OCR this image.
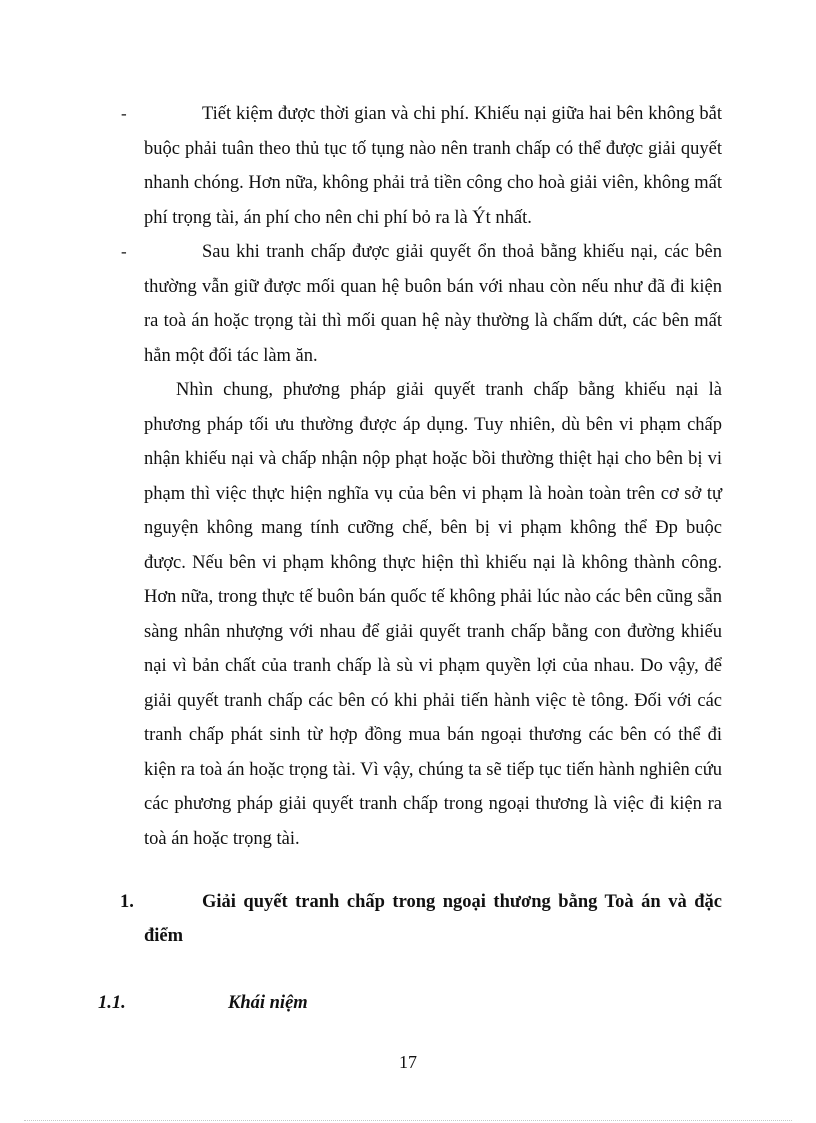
-	Tiết kiệm được thời gian và chi phí. Khiếu nại giữa hai bên không bắt buộc phải tuân theo thủ tục tố tụng nào nên tranh chấp có thể được giải quyết nhanh chóng. Hơn nữa, không phải trả tiền công cho hoà giải viên, không mất phí trọng tài, án phí cho nên chi phí bỏ ra là Ýt nhất.

-	Sau khi tranh chấp được giải quyết ổn thoả bằng khiếu nại, các bên thường vẫn giữ được mối quan hệ buôn bán với nhau còn nếu như đã đi kiện ra toà án hoặc trọng tài thì mối quan hệ này thường là chấm dứt, các bên mất hẳn một đối tác làm ăn.

Nhìn chung, phương pháp giải quyết tranh chấp bằng khiếu nại là phương pháp tối ưu thường được áp dụng. Tuy nhiên, dù bên vi phạm chấp nhận khiếu nại và chấp nhận nộp phạt hoặc bồi thường thiệt hại cho bên bị vi phạm thì việc thực hiện nghĩa vụ của bên vi phạm là hoàn toàn trên cơ sở tự nguyện không mang tính cưỡng chế, bên bị vi phạm không thể Ðp buộc được. Nếu bên vi phạm không thực hiện thì khiếu nại là không thành công. Hơn nữa, trong thực tế buôn bán quốc tế không phải lúc nào các bên cũng sẵn sàng nhân nhượng với nhau để giải quyết tranh chấp bằng con đường khiếu nại vì bản chất của tranh chấp là sù vi phạm quyền lợi của nhau. Do vậy, để giải quyết tranh chấp các bên có khi phải tiến hành việc tè tông. Đối với các tranh chấp phát sinh từ hợp đồng mua bán ngoại thương các bên có thể đi kiện ra toà án hoặc trọng tài. Vì vậy, chúng ta sẽ tiếp tục tiến hành nghiên cứu các phương pháp giải quyết tranh chấp trong ngoại thương là việc đi kiện ra toà án hoặc trọng tài.

1.	Giải quyết tranh chấp trong ngoại thương bằng Toà án và đặc điểm

1.1.	Khái niệm
17
